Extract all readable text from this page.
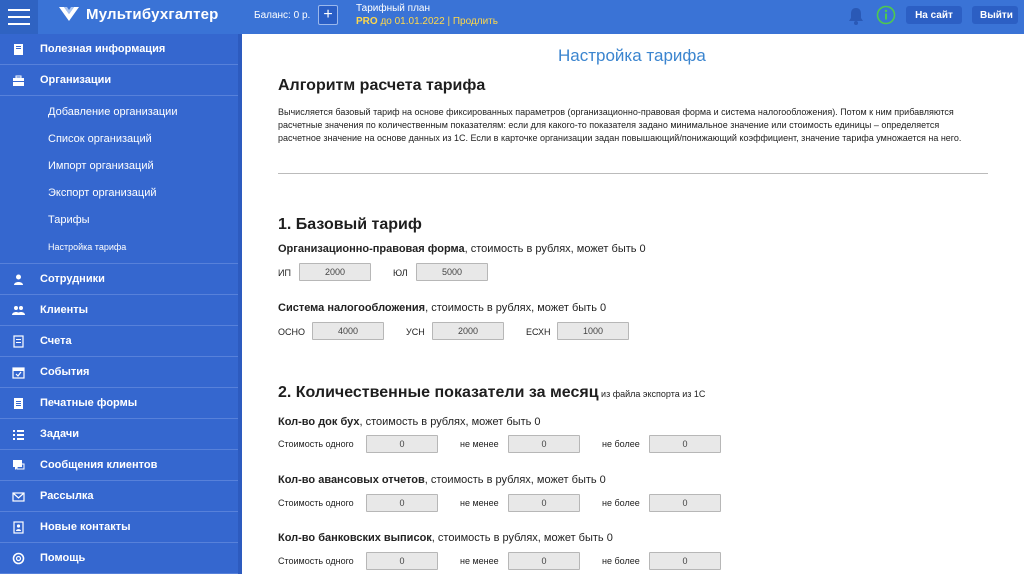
Мультибухгалтер	Баланс: 0 р. +	Тарифный план
PRO до 01.01.2022 | Продлить
На сайт	Выйти
Полезная информация
Организации
Добавление организации
Список организаций
Импорт организаций
Экспорт организаций
Тарифы
Настройка тарифа
Сотрудники
Клиенты
Счета
События
Печатные формы
Задачи
Сообщения клиентов
Рассылка
Новые контакты
Помощь
Настройка тарифа
Алгоритм расчета тарифа
Вычисляется базовый тариф на основе фиксированных параметров (организационно-правовая форма и система налогообложения). Потом к ним прибавляются расчетные значения по количественным показателям: если для какого-то показателя задано минимальное значение или стоимость единицы – определяется расчетное значение на основе данных из 1С. Если в карточке организации задан повышающий/понижающий коэффициент, значение тарифа умножается на него.
1. Базовый тариф
Организационно-правовая форма, стоимость в рублях, может быть 0
ИП
2000	ЮЛ
5000
Система налогообложения, стоимость в рублях, может быть 0
ОСНО
4000	УСН
2000	ЕСХН
1000
2. Количественные показатели за месяц из файла экспорта из 1С
Кол-во док бух, стоимость в рублях, может быть 0
Стоимость одного
0	не менее
0	не более
0
Кол-во авансовых отчетов, стоимость в рублях, может быть 0
Стоимость одного
0	не менее
0	не более
0
Кол-во банковских выписок, стоимость в рублях, может быть 0
Стоимость одного
0	не менее
0	не более
0
